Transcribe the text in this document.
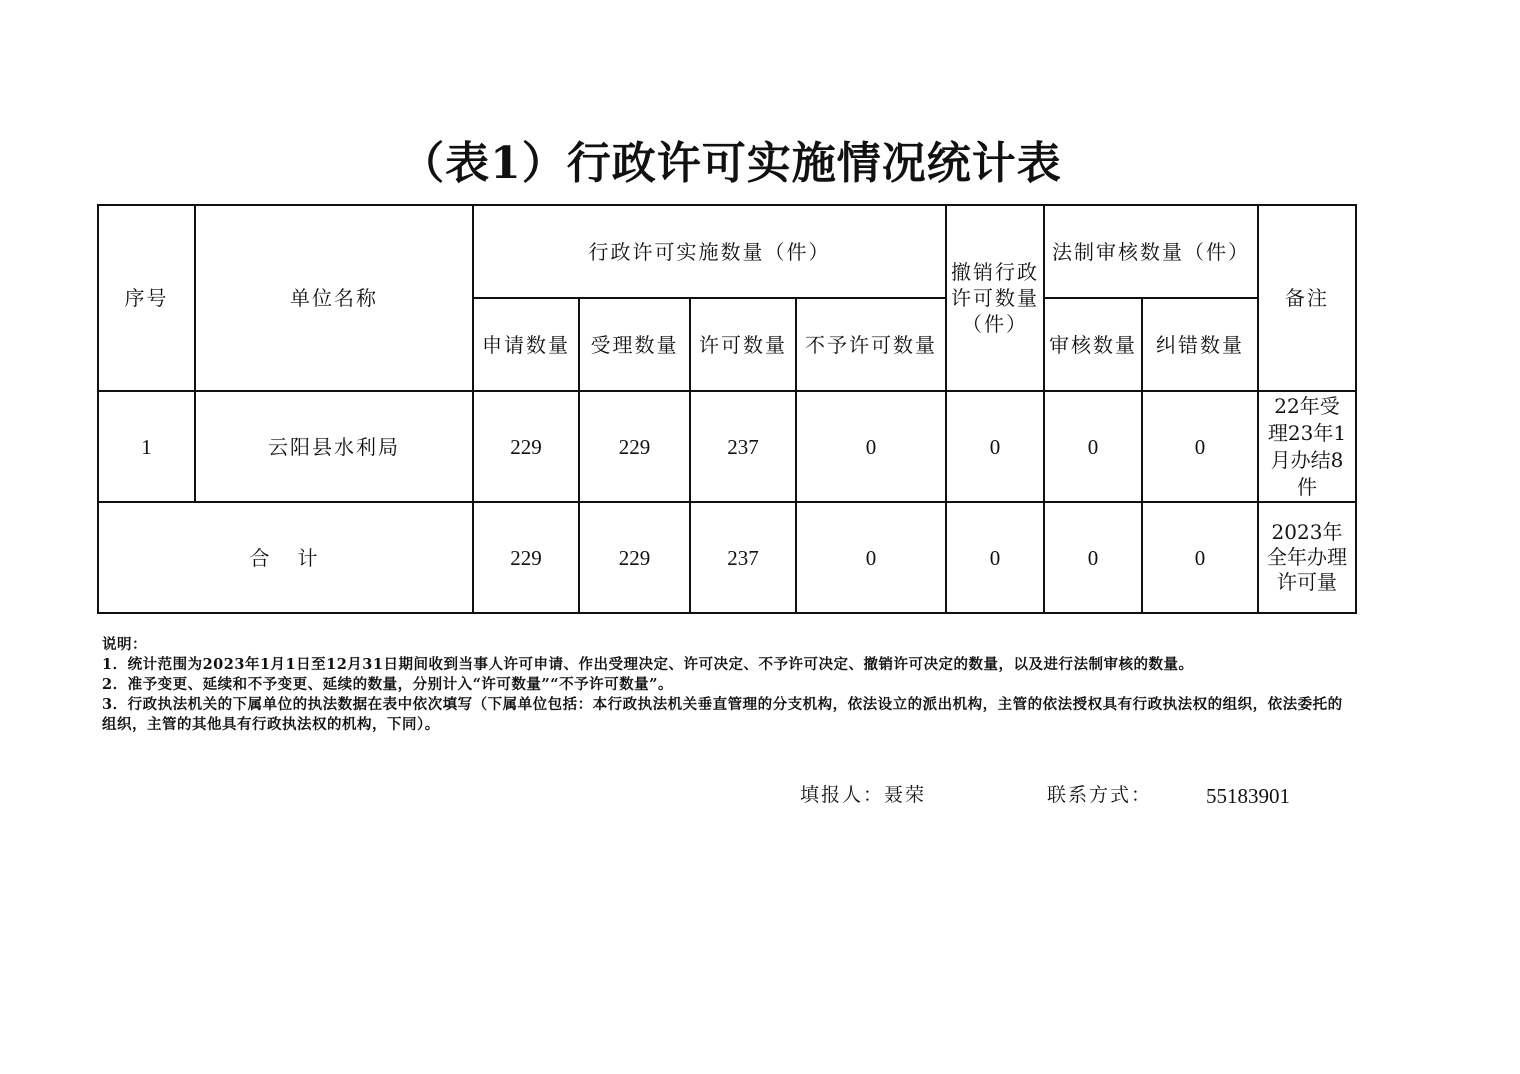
（表1）行政许可实施情况统计表
序号	单位名称	行政许可实施数量（件）				撤销行政许可数量（件）	法制审核数量（件）		备注
		申请数量	受理数量	许可数量	不予许可数量		审核数量	纠错数量	
1	云阳县水利局	229	229	237	0	0	0	0	22年受理23年1月办结8件
合　计		229	229	237	0	0	0	0	2023年全年办理许可量
说明：
1．统计范围为2023年1月1日至12月31日期间收到当事人许可申请、作出受理决定、许可决定、不予许可决定、撤销许可决定的数量，以及进行法制审核的数量。
2．准予变更、延续和不予变更、延续的数量，分别计入“许可数量”“不予许可数量”。
3．行政执法机关的下属单位的执法数据在表中依次填写（下属单位包括：本行政执法机关垂直管理的分支机构，依法设立的派出机构，主管的依法授权具有行政执法权的组织，依法委托的组织，主管的其他具有行政执法权的机构，下同）。
填报人：聂荣	联系方式：	55183901
